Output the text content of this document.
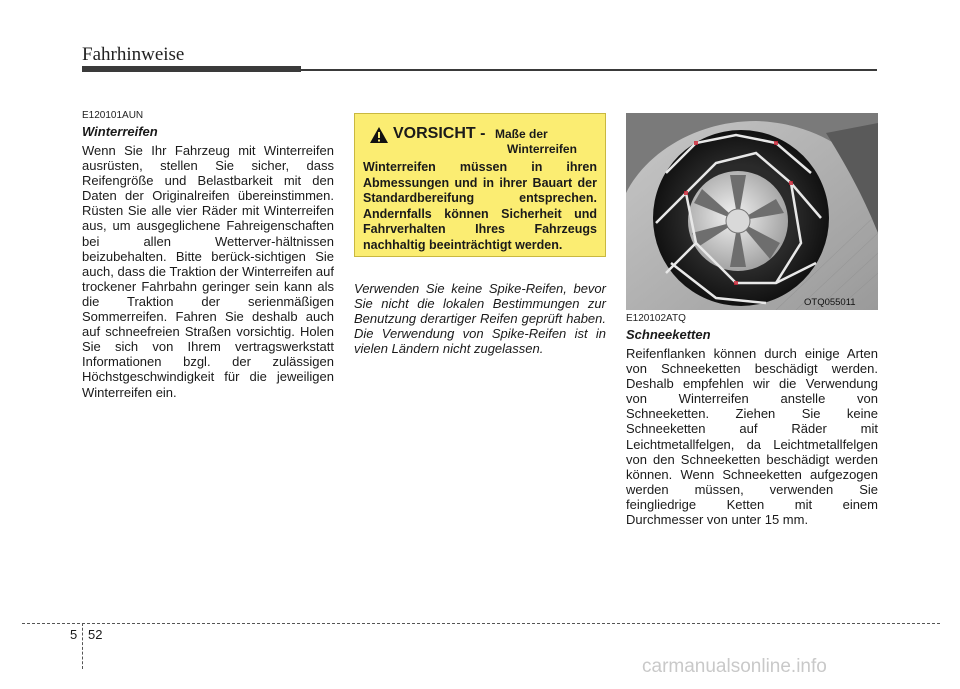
Fahrhinweise

E120101AUN

Winterreifen

Wenn Sie Ihr Fahrzeug mit Winterreifen ausrüsten, stellen Sie sicher, dass Reifengröße und Belastbarkeit mit den Daten der Originalreifen übereinstimmen. Rüsten Sie alle vier Räder mit Winterreifen aus, um ausgeglichene Fahreigenschaften bei allen Wetterver-hältnissen beizubehalten. Bitte berück-sichtigen Sie auch, dass die Traktion der Winterreifen auf trockener Fahrbahn geringer sein kann als die Traktion der serienmäßigen Sommerreifen. Fahren Sie deshalb auch auf schneefreien Straßen vorsichtig. Holen Sie sich von Ihrem vertragswerkstatt Informationen bzgl. der zulässigen Höchstgeschwindigkeit für die jeweiligen Winterreifen ein.

VORSICHT - Maße der
Winterreifen

Winterreifen müssen in ihren Abmessungen und in ihrer Bauart der Standardbereifung entsprechen. Andernfalls können Sicherheit und Fahrverhalten Ihres Fahrzeugs nachhaltig beeinträchtigt werden.

Verwenden Sie keine Spike-Reifen, bevor Sie nicht die lokalen Bestimmungen zur Benutzung derartiger Reifen geprüft haben. Die Verwendung von Spike-Reifen ist in vielen Ländern nicht zugelassen.

OTQ055011

E120102ATQ

Schneeketten

Reifenflanken können durch einige Arten von Schneeketten beschädigt werden. Deshalb empfehlen wir die Verwendung von Winterreifen anstelle von Schneeketten. Ziehen Sie keine Schneeketten auf Räder mit Leichtmetallfelgen, da Leichtmetallfelgen von den Schneeketten beschädigt werden können. Wenn Schneeketten aufgezogen werden müssen, verwenden Sie feingliedrige Ketten mit einem Durchmesser von unter 15 mm.

5 52
carmanualsonline.info
